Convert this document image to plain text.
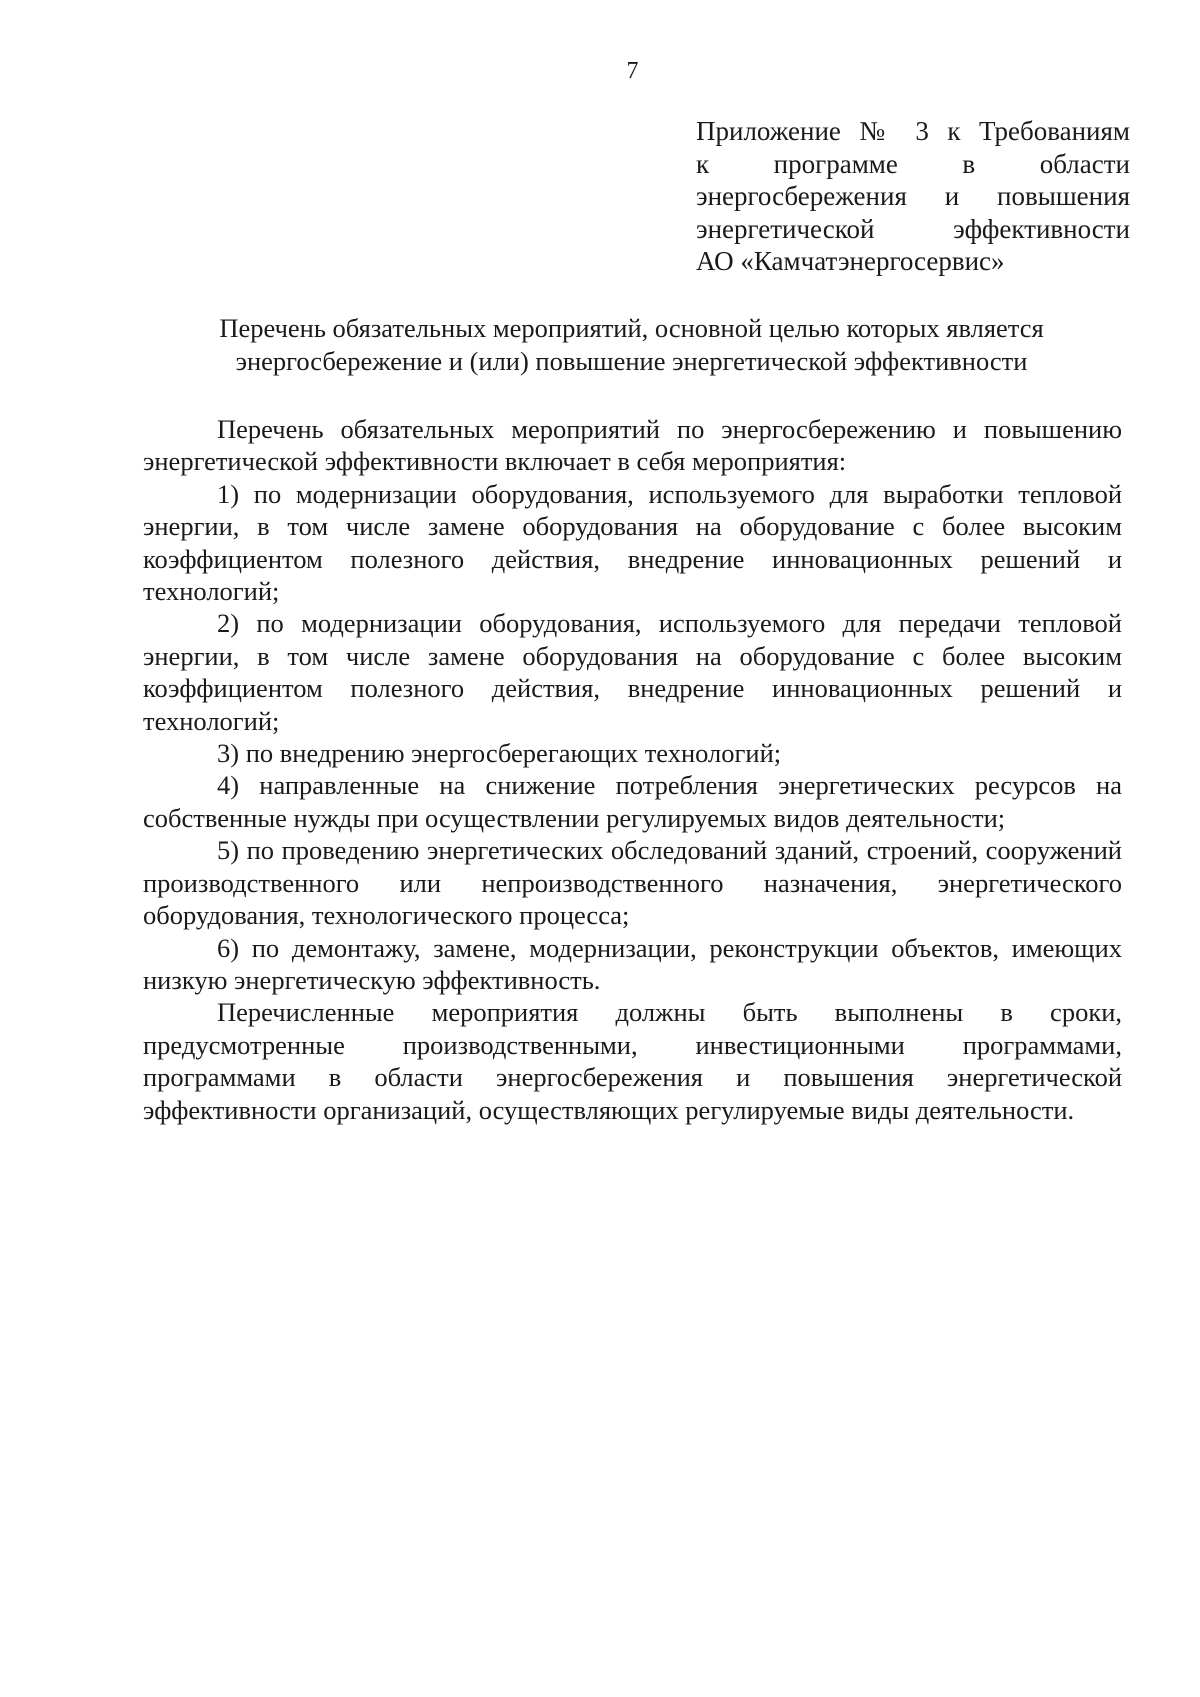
7
Приложение № 3 к Требованиям
к программе в области
энергосбережения и повышения
энергетической эффективности
АО «Камчатэнергосервис»
Перечень обязательных мероприятий, основной целью которых является
энергосбережение и (или) повышение энергетической эффективности

Перечень обязательных мероприятий по энергосбережению и повышению энергетической эффективности включает в себя мероприятия:

1) по модернизации оборудования, используемого для выработки тепловой энергии, в том числе замене оборудования на оборудование с более высоким коэффициентом полезного действия, внедрение инновационных решений и технологий;

2) по модернизации оборудования, используемого для передачи тепловой энергии, в том числе замене оборудования на оборудование с более высоким коэффициентом полезного действия, внедрение инновационных решений и технологий;

3) по внедрению энергосберегающих технологий;

4) направленные на снижение потребления энергетических ресурсов на собственные нужды при осуществлении регулируемых видов деятельности;

5) по проведению энергетических обследований зданий, строений, сооружений производственного или непроизводственного назначения, энергетического оборудования, технологического процесса;

6) по демонтажу, замене, модернизации, реконструкции объектов, имеющих низкую энергетическую эффективность.

Перечисленные мероприятия должны быть выполнены в сроки, предусмотренные производственными, инвестиционными программами, программами в области энергосбережения и повышения энергетической эффективности организаций, осуществляющих регулируемые виды деятельности.
